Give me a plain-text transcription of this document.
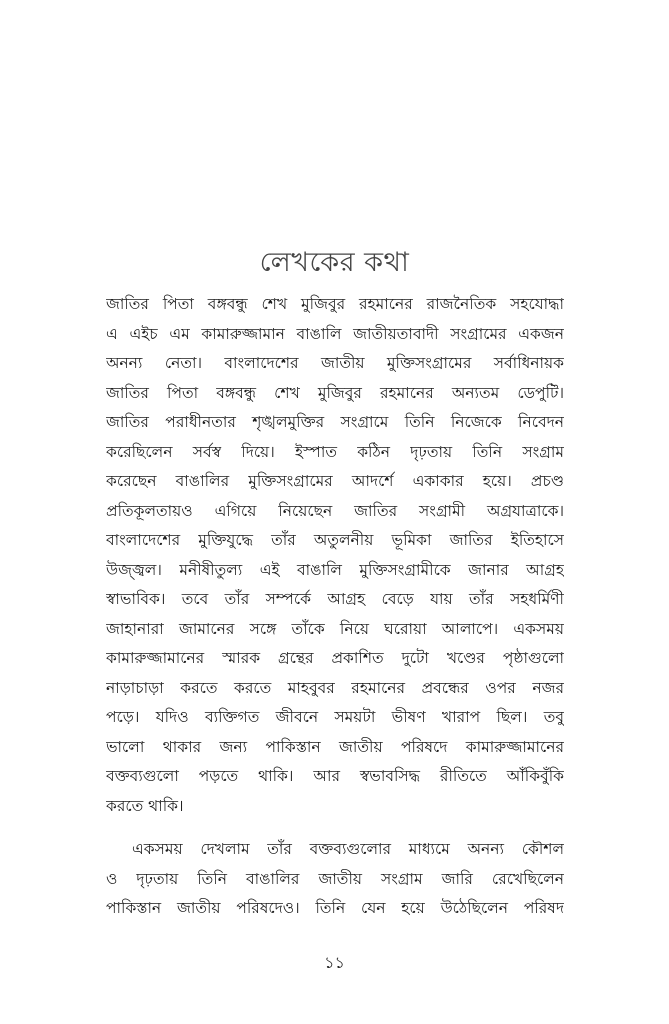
লেখকের কথা
জাতির পিতা বঙ্গবন্ধু শেখ মুজিবুর রহমানের রাজনৈতিক সহযোদ্ধা
এ এইচ এম কামারুজ্জামান বাঙালি জাতীয়তাবাদী সংগ্রামের একজন
অনন্য নেতা। বাংলাদেশের জাতীয় মুক্তিসংগ্রামের সর্বাধিনায়ক
জাতির পিতা বঙ্গবন্ধু শেখ মুজিবুর রহমানের অন্যতম ডেপুটি।
জাতির পরাধীনতার শৃঙ্খলমুক্তির সংগ্রামে তিনি নিজেকে নিবেদন
করেছিলেন সর্বস্ব দিয়ে। ইস্পাত কঠিন দৃঢ়তায় তিনি সংগ্রাম
করেছেন বাঙালির মুক্তিসংগ্রামের আদর্শে একাকার হয়ে। প্রচণ্ড
প্রতিকূলতায়ও এগিয়ে নিয়েছেন জাতির সংগ্রামী অগ্রযাত্রাকে।
বাংলাদেশের মুক্তিযুদ্ধে তাঁর অতুলনীয় ভূমিকা জাতির ইতিহাসে
উজ্জ্বল। মনীষীতুল্য এই বাঙালি মুক্তিসংগ্রামীকে জানার আগ্রহ
স্বাভাবিক। তবে তাঁর সম্পর্কে আগ্রহ বেড়ে যায় তাঁর সহধর্মিণী
জাহানারা জামানের সঙ্গে তাঁকে নিয়ে ঘরোয়া আলাপে। একসময়
কামারুজ্জামানের স্মারক গ্রন্থের প্রকাশিত দুটো খণ্ডের পৃষ্ঠাগুলো
নাড়াচাড়া করতে করতে মাহবুবর রহমানের প্রবন্ধের ওপর নজর
পড়ে। যদিও ব্যক্তিগত জীবনে সময়টা ভীষণ খারাপ ছিল। তবু
ভালো থাকার জন্য পাকিস্তান জাতীয় পরিষদে কামারুজ্জামানের
বক্তব্যগুলো পড়তে থাকি। আর স্বভাবসিদ্ধ রীতিতে আঁকিবুঁকি
করতে থাকি।
একসময় দেখলাম তাঁর বক্তব্যগুলোর মাধ্যমে অনন্য কৌশল
ও দৃঢ়তায় তিনি বাঙালির জাতীয় সংগ্রাম জারি রেখেছিলেন
পাকিস্তান জাতীয় পরিষদেও। তিনি যেন হয়ে উঠেছিলেন পরিষদ
১১
